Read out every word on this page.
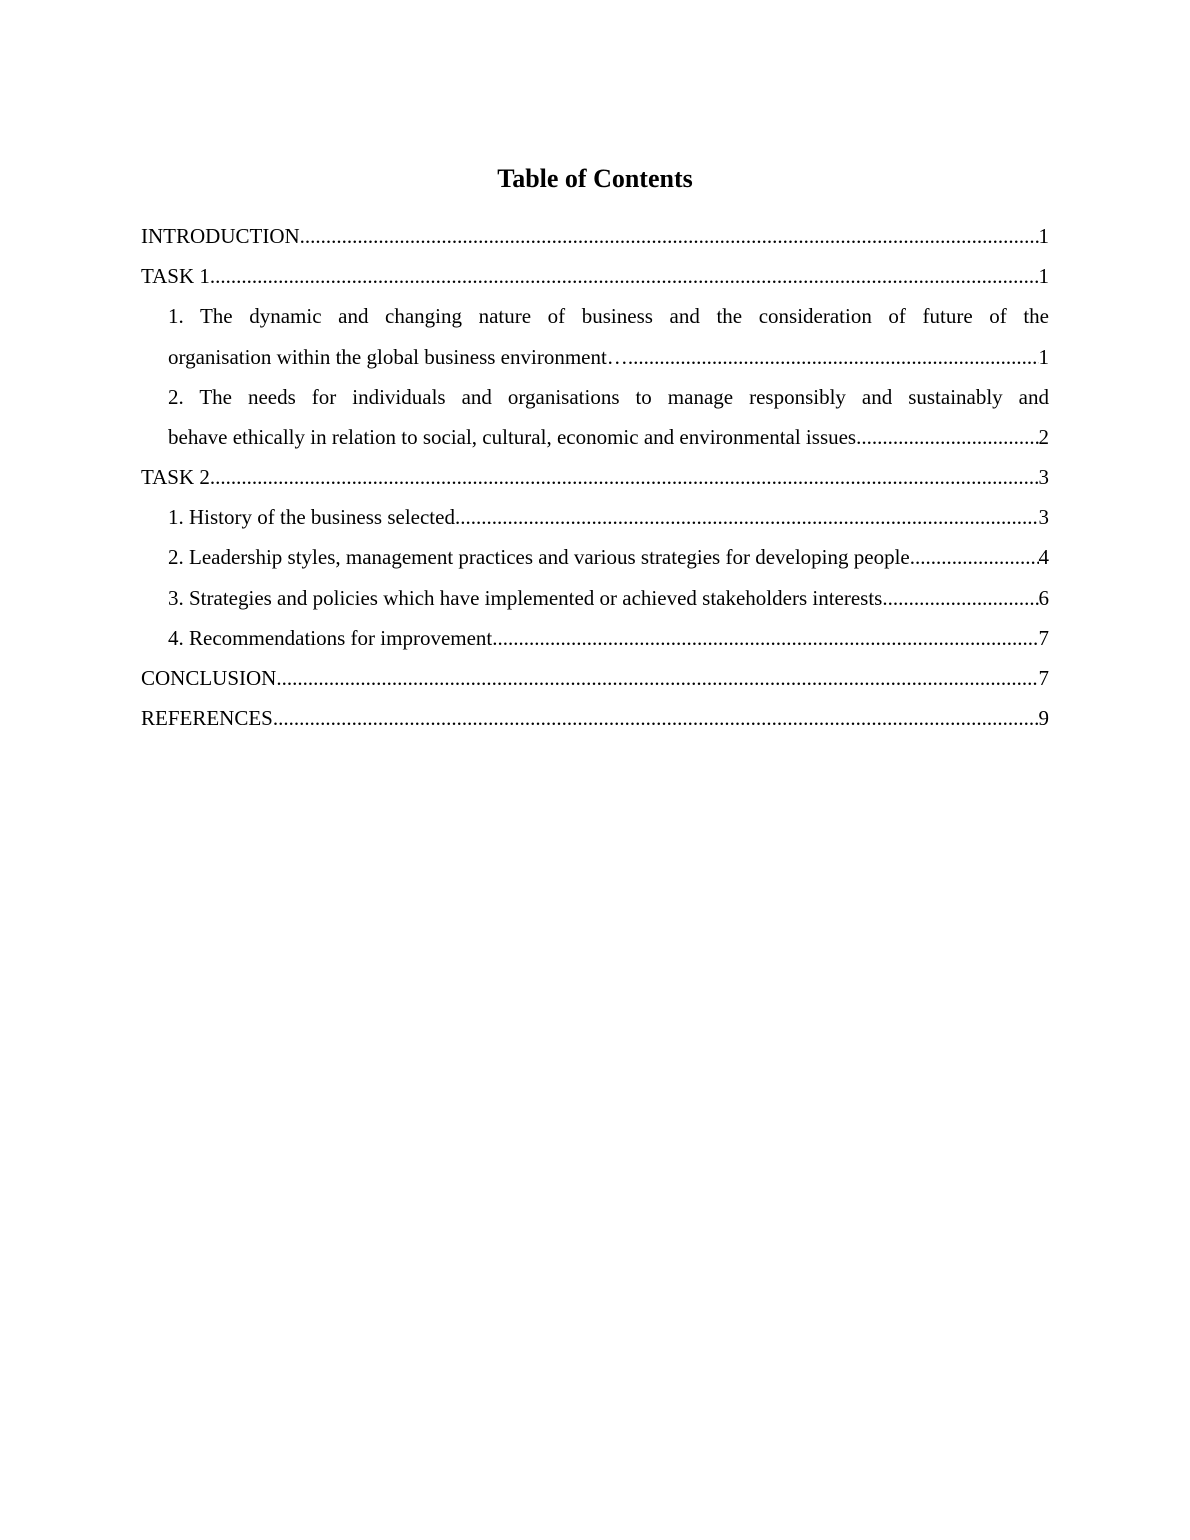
Table of Contents
INTRODUCTION .....	1
TASK 1 .....	1
1. The dynamic and changing nature of business and the consideration of future of the
organisation within the global business environment… .....	1
2. The needs for individuals and organisations to manage responsibly and sustainably and
behave ethically in relation to social, cultural, economic and environmental issues .....	2
TASK 2 .....	3
1. History of the business selected .....	3
2. Leadership styles, management practices and various strategies for developing people .....	4
3. Strategies and policies which have implemented or achieved stakeholders interests .....	6
4. Recommendations for improvement .....	7
CONCLUSION .....	7
REFERENCES .....	9
